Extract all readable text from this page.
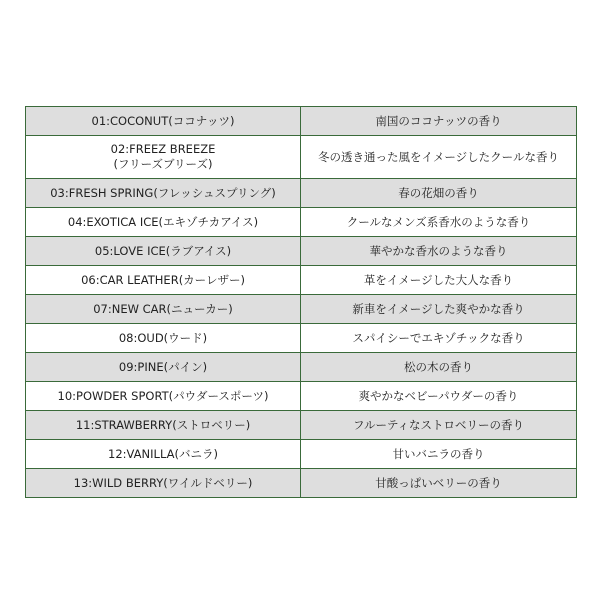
01:COCONUT(ココナッツ)	南国のココナッツの香り

02:FREEZ BREEZE
(フリーズブリーズ)	冬の透き通った風をイメージしたクールな香り

03:FRESH SPRING(フレッシュスプリング)	春の花畑の香り

04:EXOTICA ICE(エキゾチカアイス)	クールなメンズ系香水のような香り

05:LOVE ICE(ラブアイス)	華やかな香水のような香り

06:CAR LEATHER(カーレザー)	革をイメージした大人な香り

07:NEW CAR(ニューカー)	新車をイメージした爽やかな香り

08:OUD(ウード)	スパイシーでエキゾチックな香り

09:PINE(パイン)	松の木の香り

10:POWDER SPORT(パウダースポーツ)	爽やかなベビーパウダーの香り

11:STRAWBERRY(ストロベリー)	フルーティなストロベリーの香り

12:VANILLA(バニラ)	甘いバニラの香り

13:WILD BERRY(ワイルドベリー)	甘酸っぱいベリーの香り
